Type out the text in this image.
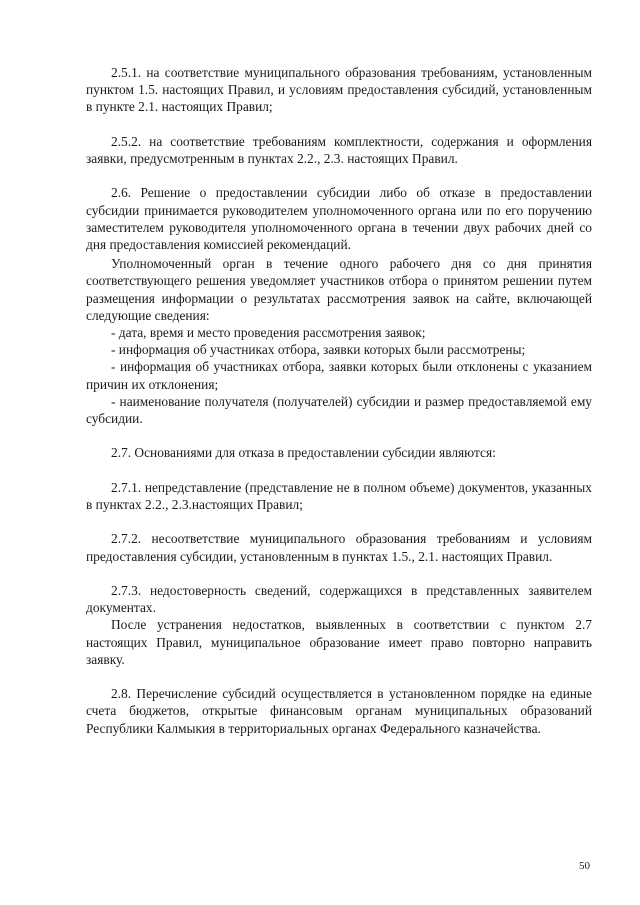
2.5.1. на соответствие муниципального образования требованиям, установленным пунктом 1.5. настоящих Правил, и условиям предоставления субсидий, установленным в пункте 2.1. настоящих Правил;

2.5.2. на соответствие требованиям комплектности, содержания и оформления заявки, предусмотренным в пунктах 2.2., 2.3. настоящих Правил.

2.6. Решение о предоставлении субсидии либо об отказе в предоставлении субсидии принимается руководителем уполномоченного органа или по его поручению заместителем руководителя уполномоченного органа в течении двух рабочих дней со дня предоставления комиссией рекомендаций.

Уполномоченный орган в течение одного рабочего дня со дня принятия соответствующего решения уведомляет участников отбора о принятом решении путем размещения информации о результатах рассмотрения заявок на сайте, включающей следующие сведения:

- дата, время и место проведения рассмотрения заявок;

- информация об участниках отбора, заявки которых были рассмотрены;

- информация об участниках отбора, заявки которых были отклонены с указанием причин их отклонения;

- наименование получателя (получателей) субсидии и размер предоставляемой ему субсидии.

2.7. Основаниями для отказа в предоставлении субсидии являются:

2.7.1. непредставление (представление не в полном объеме) документов, указанных в пунктах 2.2., 2.3.настоящих Правил;

2.7.2. несоответствие муниципального образования требованиям и условиям предоставления субсидии, установленным в пунктах 1.5., 2.1. настоящих Правил.

2.7.3. недостоверность сведений, содержащихся в представленных заявителем документах.

После устранения недостатков, выявленных в соответствии с пунктом 2.7 настоящих Правил, муниципальное образование имеет право повторно направить заявку.

2.8. Перечисление субсидий осуществляется в установленном порядке на единые счета бюджетов, открытые финансовым органам муниципальных образований Республики Калмыкия в территориальных органах Федерального казначейства.

50
